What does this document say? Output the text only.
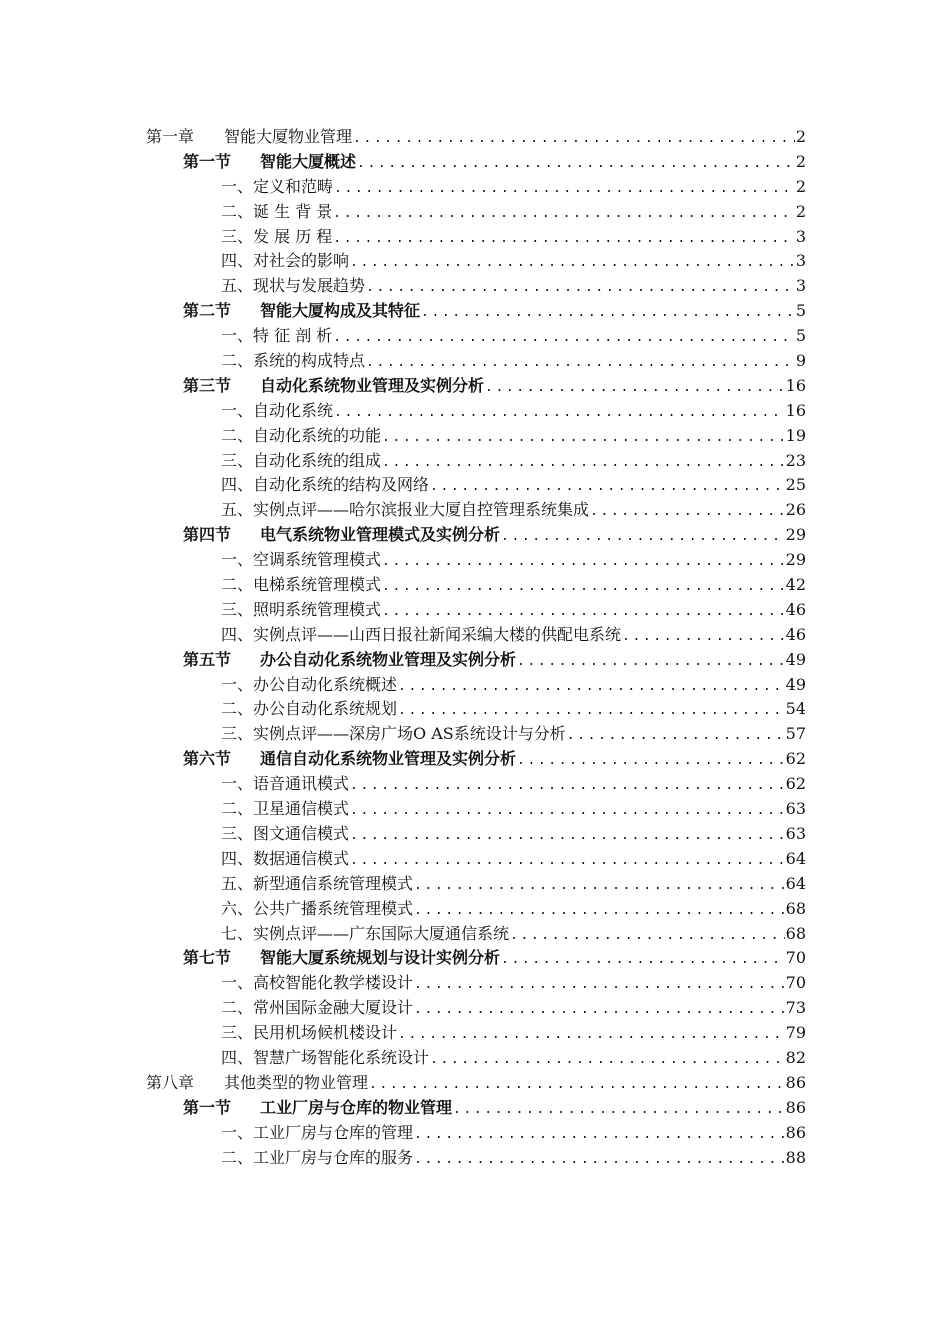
第一章	智能大厦物业管理 .....	2
第一节	智能大厦概述 .....	2
一、 定义和范畴 .....	2
二、 诞 生 背 景 .....	2
三、 发 展 历 程 .....	3
四、 对社会的影响 .....	3
五、 现状与发展趋势 .....	3
第二节	智能大厦构成及其特征 .....	5
一、 特 征 剖 析 .....	5
二、 系统的构成特点 .....	9
第三节	自动化系统物业管理及实例分析 .....	16
一、 自动化系统 .....	16
二、 自动化系统的功能 .....	19
三、 自动化系统的组成 .....	23
四、 自动化系统的结构及网络 .....	25
五、 实例点评——哈尔滨报业大厦自控管理系统集成 .....	26
第四节	电气系统物业管理模式及实例分析 .....	29
一、 空调系统管理模式 .....	29
二、 电梯系统管理模式 .....	42
三、 照明系统管理模式 .....	46
四、 实例点评——山西日报社新闻采编大楼的供配电系统 .....	46
第五节	办公自动化系统物业管理及实例分析 .....	49
一、 办公自动化系统概述 .....	49
二、 办公自动化系统规划 .....	54
三、 实例点评——深房广场O AS系统设计与分析 .....	57
第六节	通信自动化系统物业管理及实例分析 .....	62
一、 语音通讯模式 .....	62
二、 卫星通信模式 .....	63
三、 图文通信模式 .....	63
四、 数据通信模式 .....	64
五、 新型通信系统管理模式 .....	64
六、 公共广播系统管理模式 .....	68
七、 实例点评——广东国际大厦通信系统 .....	68
第七节	智能大厦系统规划与设计实例分析 .....	70
一、 高校智能化教学楼设计 .....	70
二、 常州国际金融大厦设计 .....	73
三、 民用机场候机楼设计 .....	79
四、 智慧广场智能化系统设计 .....	82
第八章	其他类型的物业管理 .....	86
第一节	工业厂房与仓库的物业管理 .....	86
一、 工业厂房与仓库的管理 .....	86
二、 工业厂房与仓库的服务 .....	88
